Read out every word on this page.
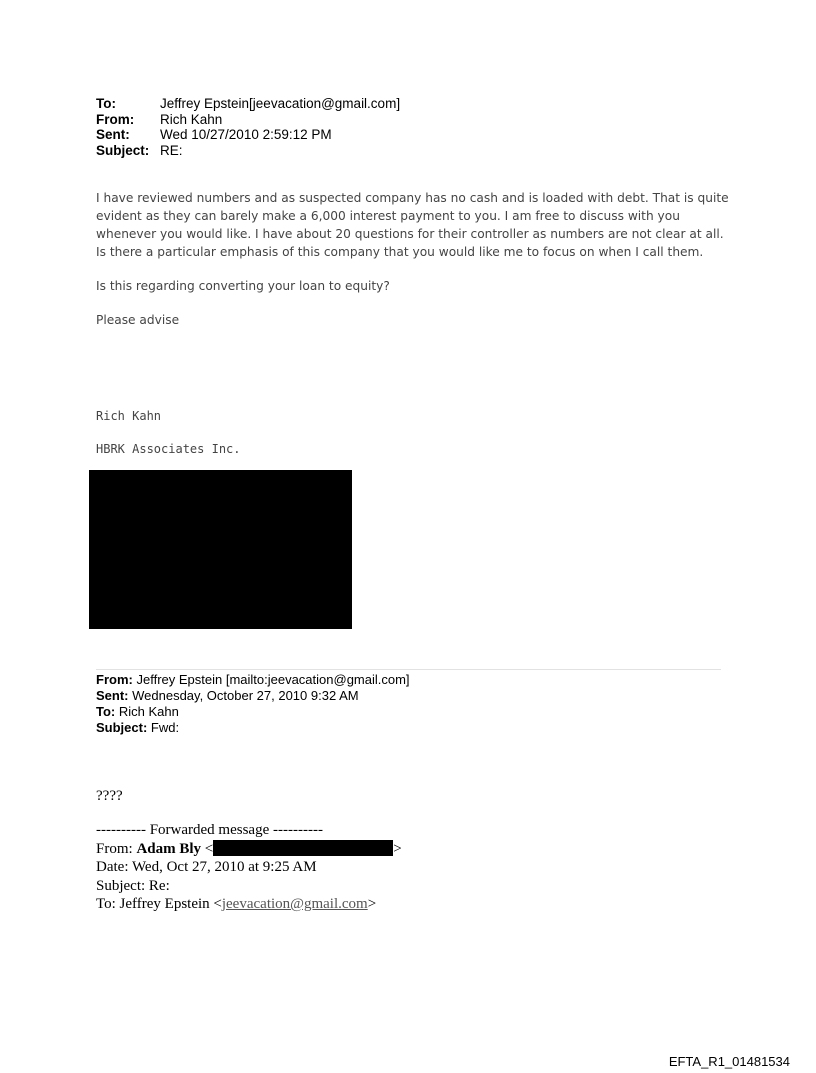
To:	Jeffrey Epstein[jeevacation@gmail.com]
From:	Rich Kahn
Sent:	Wed 10/27/2010 2:59:12 PM
Subject: RE:
I have reviewed numbers and as suspected company has no cash and is loaded with debt. That is quite evident as they can barely make a 6,000 interest payment to you. I am free to discuss with you whenever you would like. I have about 20 questions for their controller as numbers are not clear at all. Is there a particular emphasis of this company that you would like me to focus on when I call them.
Is this regarding converting your loan to equity?
Please advise
Rich Kahn
HBRK Associates Inc.
From: Jeffrey Epstein [mailto:jeevacation@gmail.com]
Sent: Wednesday, October 27, 2010 9:32 AM
To: Rich Kahn
Subject: Fwd:
????
---------- Forwarded message ----------
From: Adam Bly <	>
Date: Wed, Oct 27, 2010 at 9:25 AM
Subject: Re:
To: Jeffrey Epstein <jeevacation@gmail.com>
EFTA_R1_01481534
